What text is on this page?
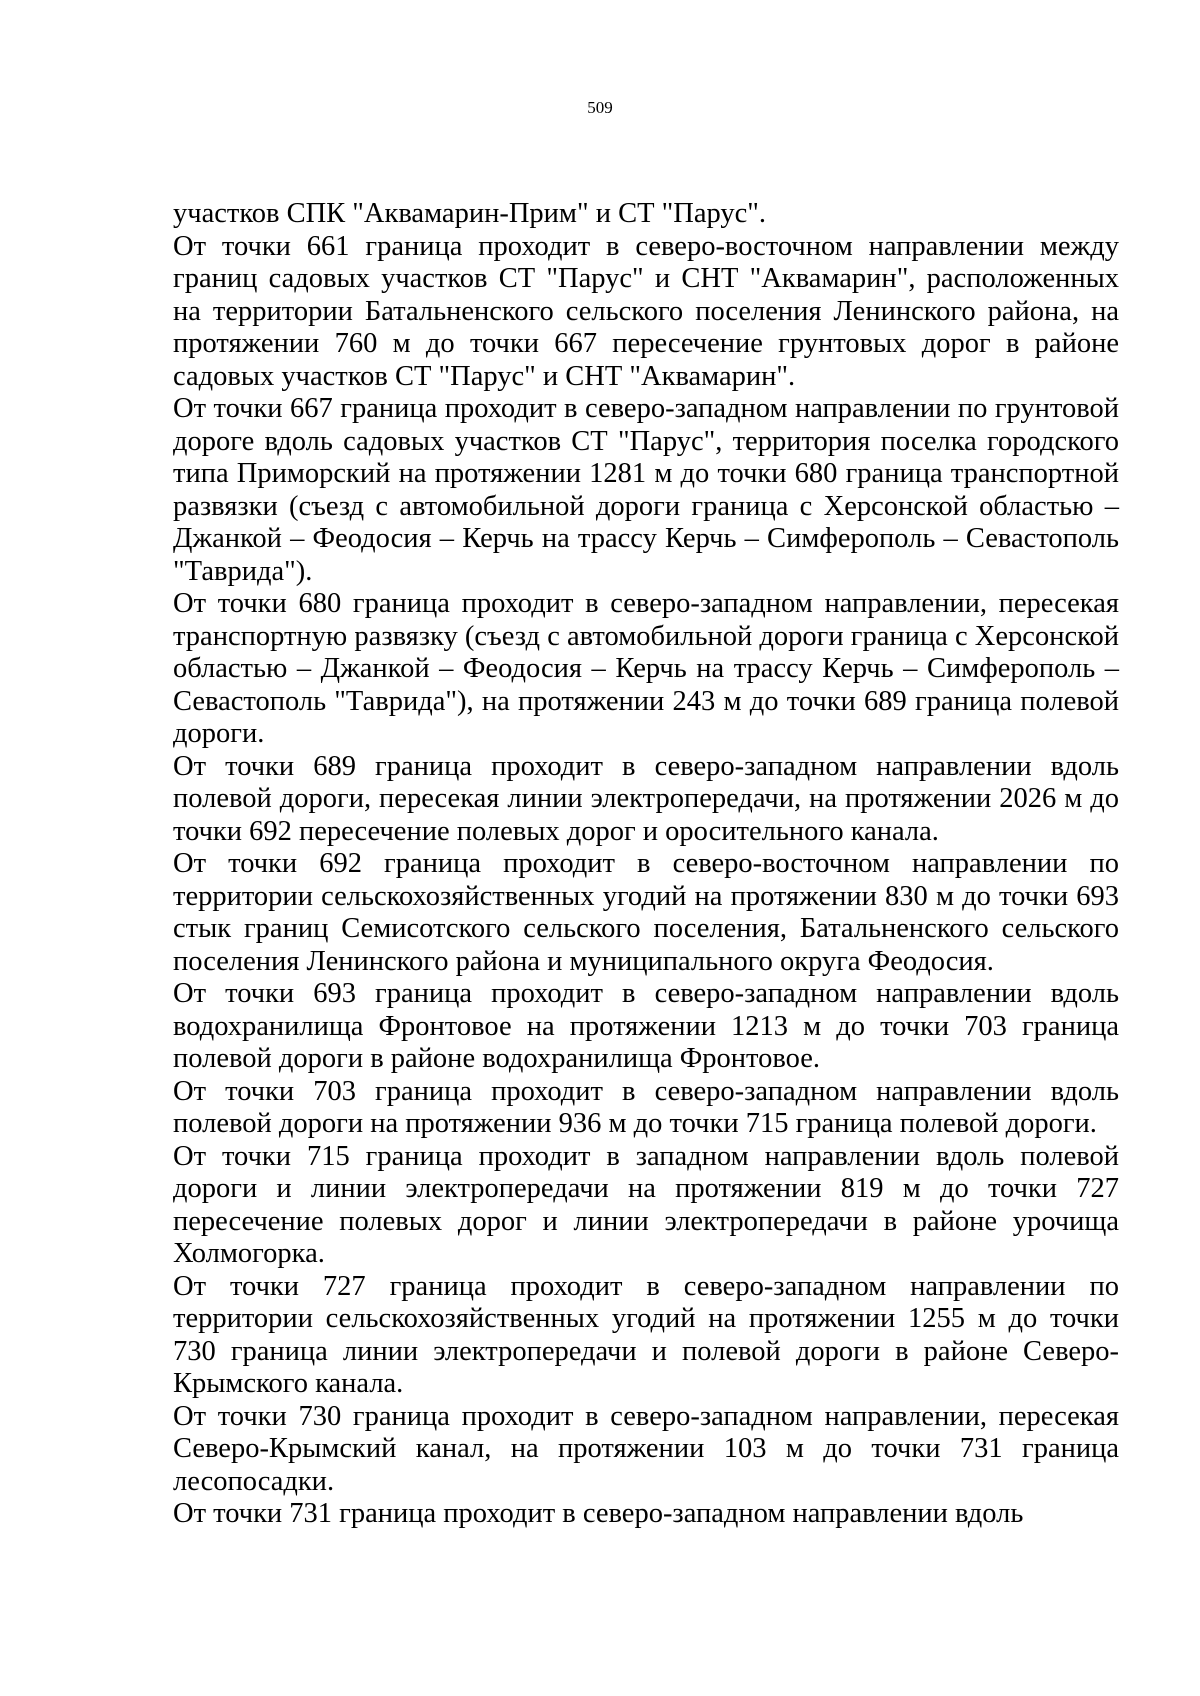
509

участков СПК "Аквамарин-Прим" и СТ "Парус".

От точки 661 граница проходит в северо-восточном направлении между границ садовых участков СТ "Парус" и СНТ "Аквамарин", расположенных на территории Батальненского сельского поселения Ленинского района, на протяжении 760 м до точки 667 пересечение грунтовых дорог в районе садовых участков СТ "Парус" и СНТ "Аквамарин".

От точки 667 граница проходит в северо-западном направлении по грунтовой дороге вдоль садовых участков СТ "Парус", территория поселка городского типа Приморский на протяжении 1281 м до точки 680 граница транспортной развязки (съезд с автомобильной дороги граница с Херсонской областью – Джанкой – Феодосия – Керчь на трассу Керчь – Симферополь – Севастополь "Таврида").

От точки 680 граница проходит в северо-западном направлении, пересекая транспортную развязку (съезд с автомобильной дороги граница с Херсонской областью – Джанкой – Феодосия – Керчь на трассу Керчь – Симферополь – Севастополь "Таврида"), на протяжении 243 м до точки 689 граница полевой дороги.

От точки 689 граница проходит в северо-западном направлении вдоль полевой дороги, пересекая линии электропередачи, на протяжении 2026 м до точки 692 пересечение полевых дорог и оросительного канала.

От точки 692 граница проходит в северо-восточном направлении по территории сельскохозяйственных угодий на протяжении 830 м до точки 693 стык границ Семисотского сельского поселения, Батальненского сельского поселения Ленинского района и муниципального округа Феодосия.

От точки 693 граница проходит в северо-западном направлении вдоль водохранилища Фронтовое на протяжении 1213 м до точки 703 граница полевой дороги в районе водохранилища Фронтовое.

От точки 703 граница проходит в северо-западном направлении вдоль полевой дороги на протяжении 936 м до точки 715 граница полевой дороги.

От точки 715 граница проходит в западном направлении вдоль полевой дороги и линии электропередачи на протяжении 819 м до точки 727 пересечение полевых дорог и линии электропередачи в районе урочища Холмогорка.

От точки 727 граница проходит в северо-западном направлении по территории сельскохозяйственных угодий на протяжении 1255 м до точки 730 граница линии электропередачи и полевой дороги в районе Северо-Крымского канала.

От точки 730 граница проходит в северо-западном направлении, пересекая Северо-Крымский канал, на протяжении 103 м до точки 731 граница лесопосадки.

От точки 731 граница проходит в северо-западном направлении вдоль
